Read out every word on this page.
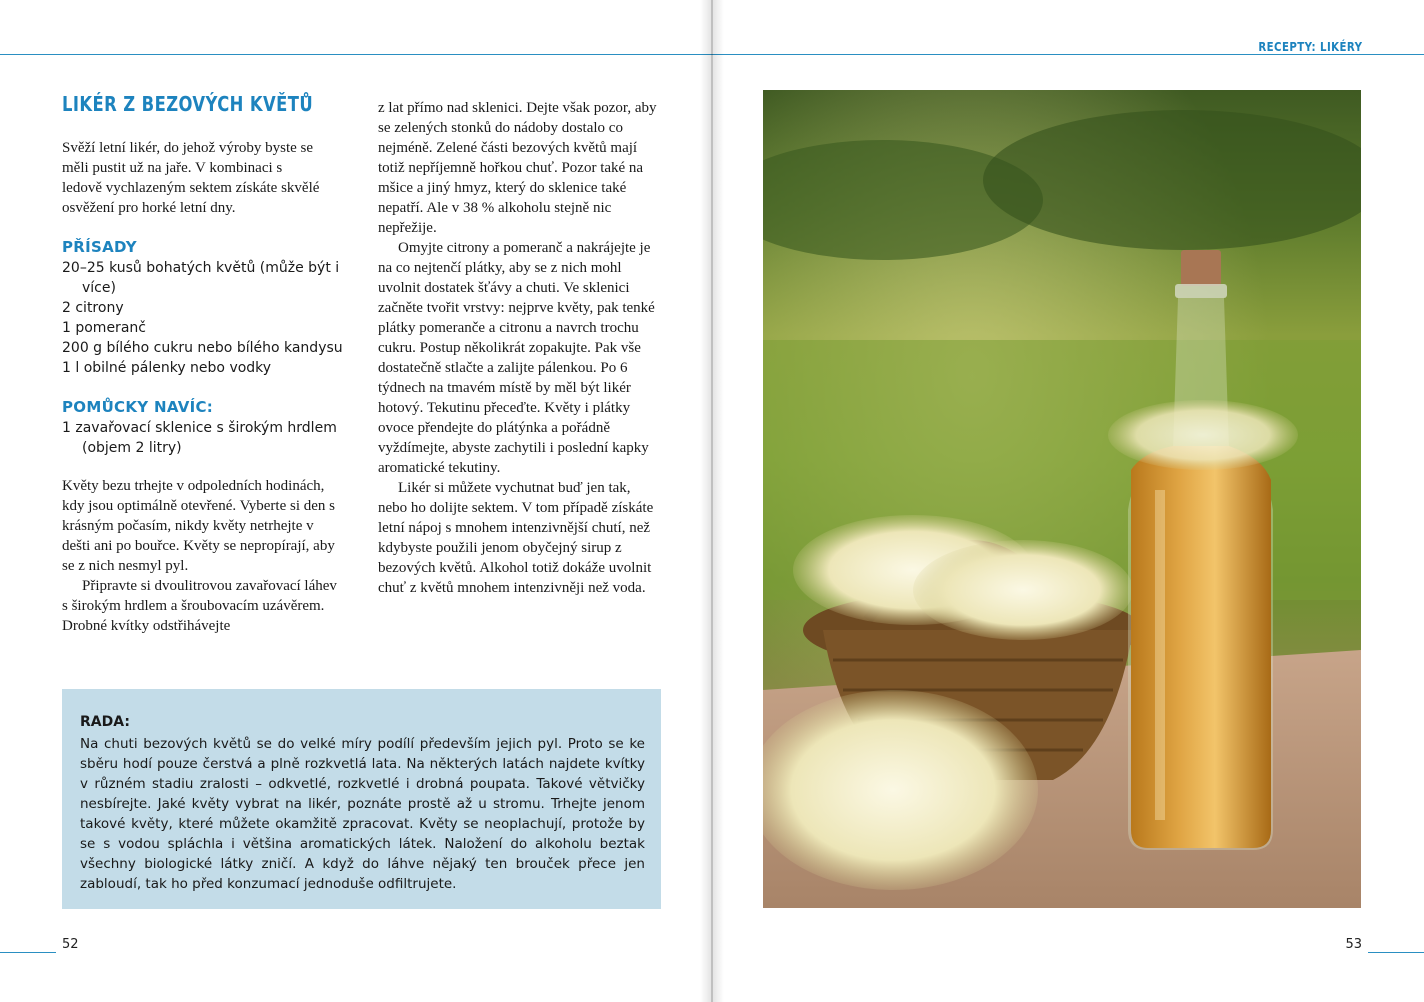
LIKÉR Z BEZOVÝCH KVĚTŮ

Svěží letní likér, do jehož výroby byste se měli pustit už na jaře. V kombinaci s ledově vychlazeným sektem získáte skvělé osvěžení pro horké letní dny.

PŘÍSADY
20–25 kusů bohatých květů (může být i více)
2 citrony
1 pomeranč
200 g bílého cukru nebo bílého kandysu
1 l obilné pálenky nebo vodky
POMŮCKY NAVÍC:
1 zavařovací sklenice s širokým hrdlem (objem 2 litry)

Květy bezu trhejte v odpoledních hodinách, kdy jsou optimálně otevřené. Vyberte si den s krásným počasím, nikdy květy netrhejte v dešti ani po bouřce. Květy se nepropírají, aby se z nich nesmyl pyl.

Připravte si dvoulitrovou zavařovací láhev s širokým hrdlem a šroubovacím uzávěrem. Drobné kvítky odstřihávejte

z lat přímo nad sklenici. Dejte však pozor, aby se zelených stonků do nádoby dostalo co nejméně. Zelené části bezových květů mají totiž nepříjemně hořkou chuť. Pozor také na mšice a jiný hmyz, který do sklenice také nepatří. Ale v 38 % alkoholu stejně nic nepřežije.

Omyjte citrony a pomeranč a nakrájejte je na co nejtenčí plátky, aby se z nich mohl uvolnit dostatek šťávy a chuti. Ve sklenici začněte tvořit vrstvy: nejprve květy, pak tenké plátky pomeranče a citronu a navrch trochu cukru. Postup několikrát zopakujte. Pak vše dostatečně stlačte a zalijte pálenkou. Po 6 týdnech na tmavém místě by měl být likér hotový. Tekutinu přeceďte. Květy i plátky ovoce přendejte do plátýnka a pořádně vyždímejte, abyste zachytili i poslední kapky aromatické tekutiny.

Likér si můžete vychutnat buď jen tak, nebo ho dolijte sektem. V tom případě získáte letní nápoj s mnohem intenzivnější chutí, než kdybyste použili jenom obyčejný sirup z bezových květů. Alkohol totiž dokáže uvolnit chuť z květů mnohem intenzivněji než voda.

RADA:

Na chuti bezových květů se do velké míry podílí především jejich pyl. Proto se ke sběru hodí pouze čerstvá a plně rozkvetlá lata. Na některých latách najdete kvítky v různém stadiu zralosti – odkvetlé, rozkvetlé i drobná poupata. Takové větvičky nesbírejte. Jaké květy vybrat na likér, poznáte prostě až u stromu. Trhejte jenom takové květy, které můžete okamžitě zpracovat. Květy se neoplachují, protože by se s vodou spláchla i většina aromatických látek. Naložení do alkoholu beztak všechny biologické látky zničí. A když do láhve nějaký ten brouček přece jen zabloudí, tak ho před konzumací jednoduše odfiltrujete.

52

RECEPTY: LIKÉRY

53
